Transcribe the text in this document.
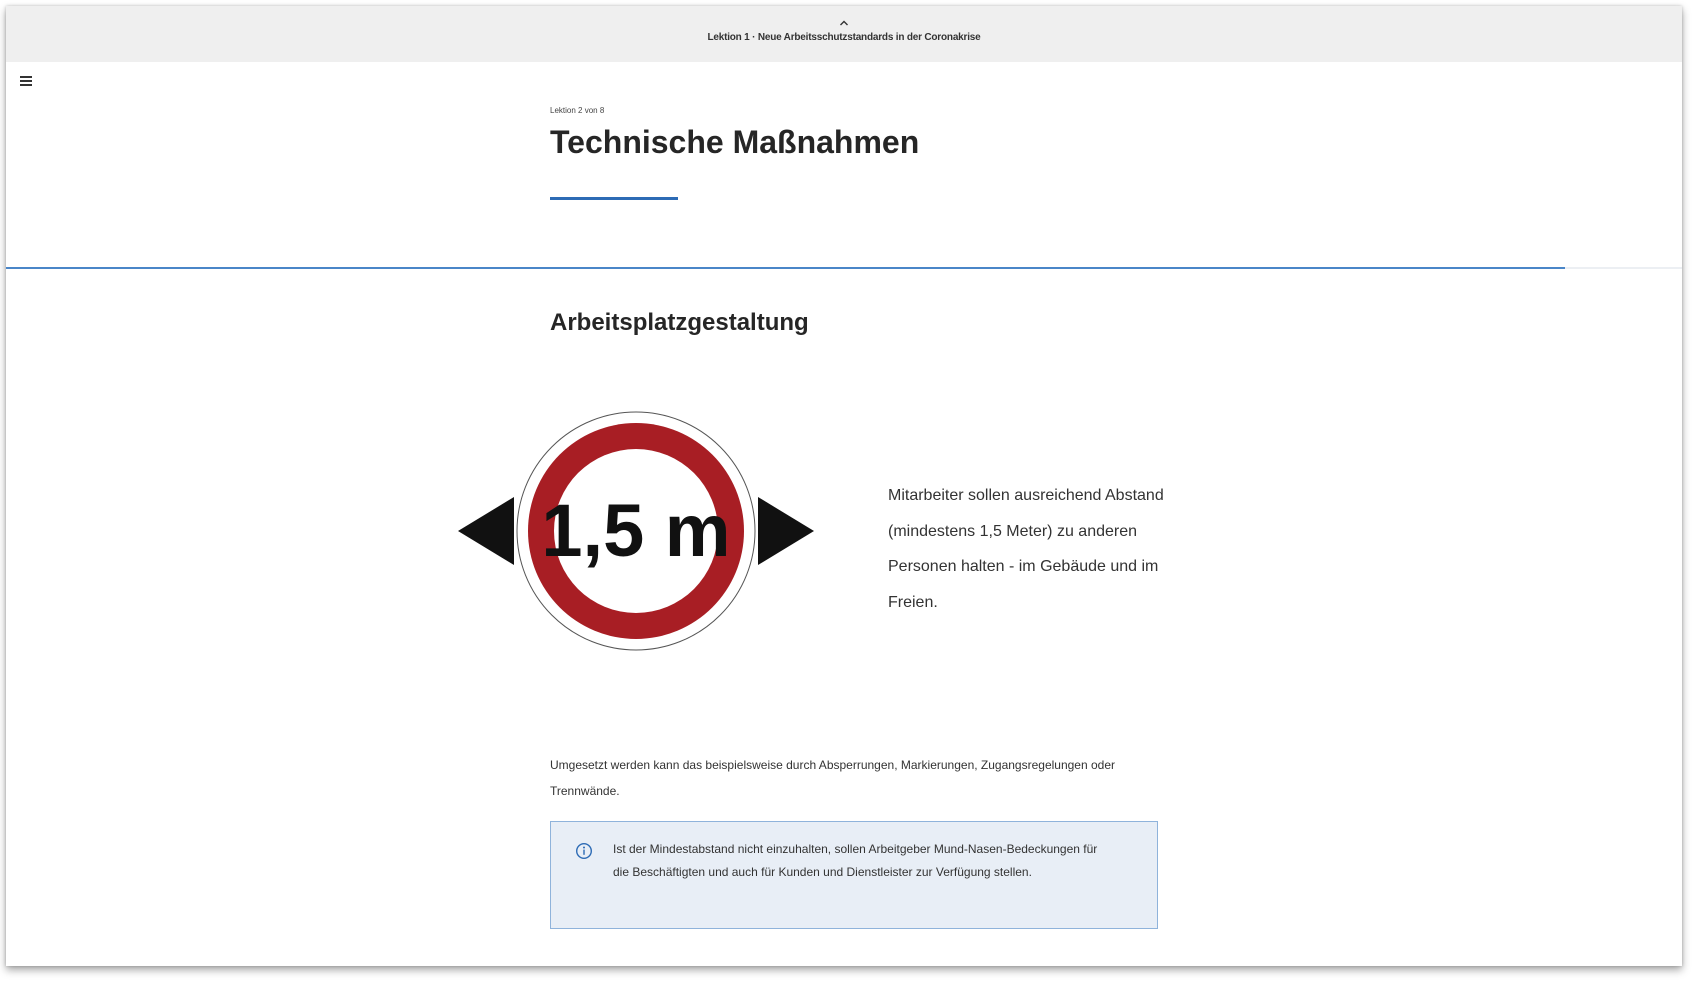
Lektion 1 · Neue Arbeitsschutzstandards in der Coronakrise
Lektion 2 von 8
Technische Maßnahmen
Arbeitsplatzgestaltung
1,5 m	Mitarbeiter sollen ausreichend Abstand (mindestens 1,5 Meter) zu anderen Personen halten - im Gebäude und im Freien.
Umgesetzt werden kann das beispielsweise durch Absperrungen, Markierungen, Zugangsregelungen oder Trennwände.
Ist der Mindestabstand nicht einzuhalten, sollen Arbeitgeber Mund-Nasen-Bedeckungen für die Beschäftigten und auch für Kunden und Dienstleister zur Verfügung stellen.
